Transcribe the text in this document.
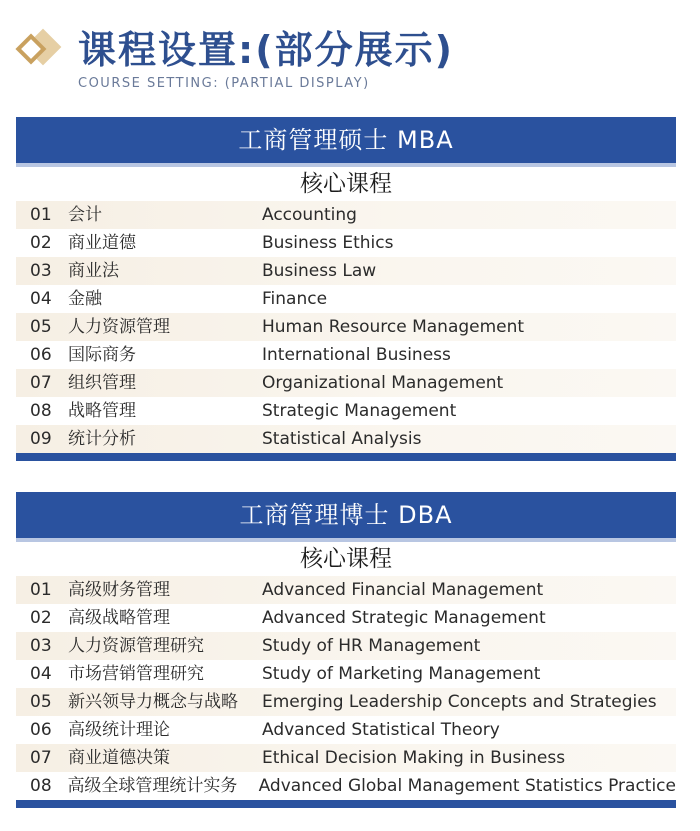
课程设置:(部分展示)
COURSE SETTING: (PARTIAL DISPLAY)
工商管理硕士 MBA
核心课程
01 会计	Accounting
02 商业道德	Business Ethics
03 商业法	Business Law
04 金融	Finance
05 人力资源管理	Human Resource Management
06 国际商务	International Business
07 组织管理	Organizational Management
08 战略管理	Strategic Management
09 统计分析	Statistical Analysis
工商管理博士 DBA
核心课程
01 高级财务管理	Advanced Financial Management
02 高级战略管理	Advanced Strategic Management
03 人力资源管理研究	Study of HR Management
04 市场营销管理研究	Study of Marketing Management
05 新兴领导力概念与战略	Emerging Leadership Concepts and Strategies
06 高级统计理论	Advanced Statistical Theory
07 商业道德决策	Ethical Decision Making in Business
08 高级全球管理统计实务	Advanced Global Management Statistics Practice
